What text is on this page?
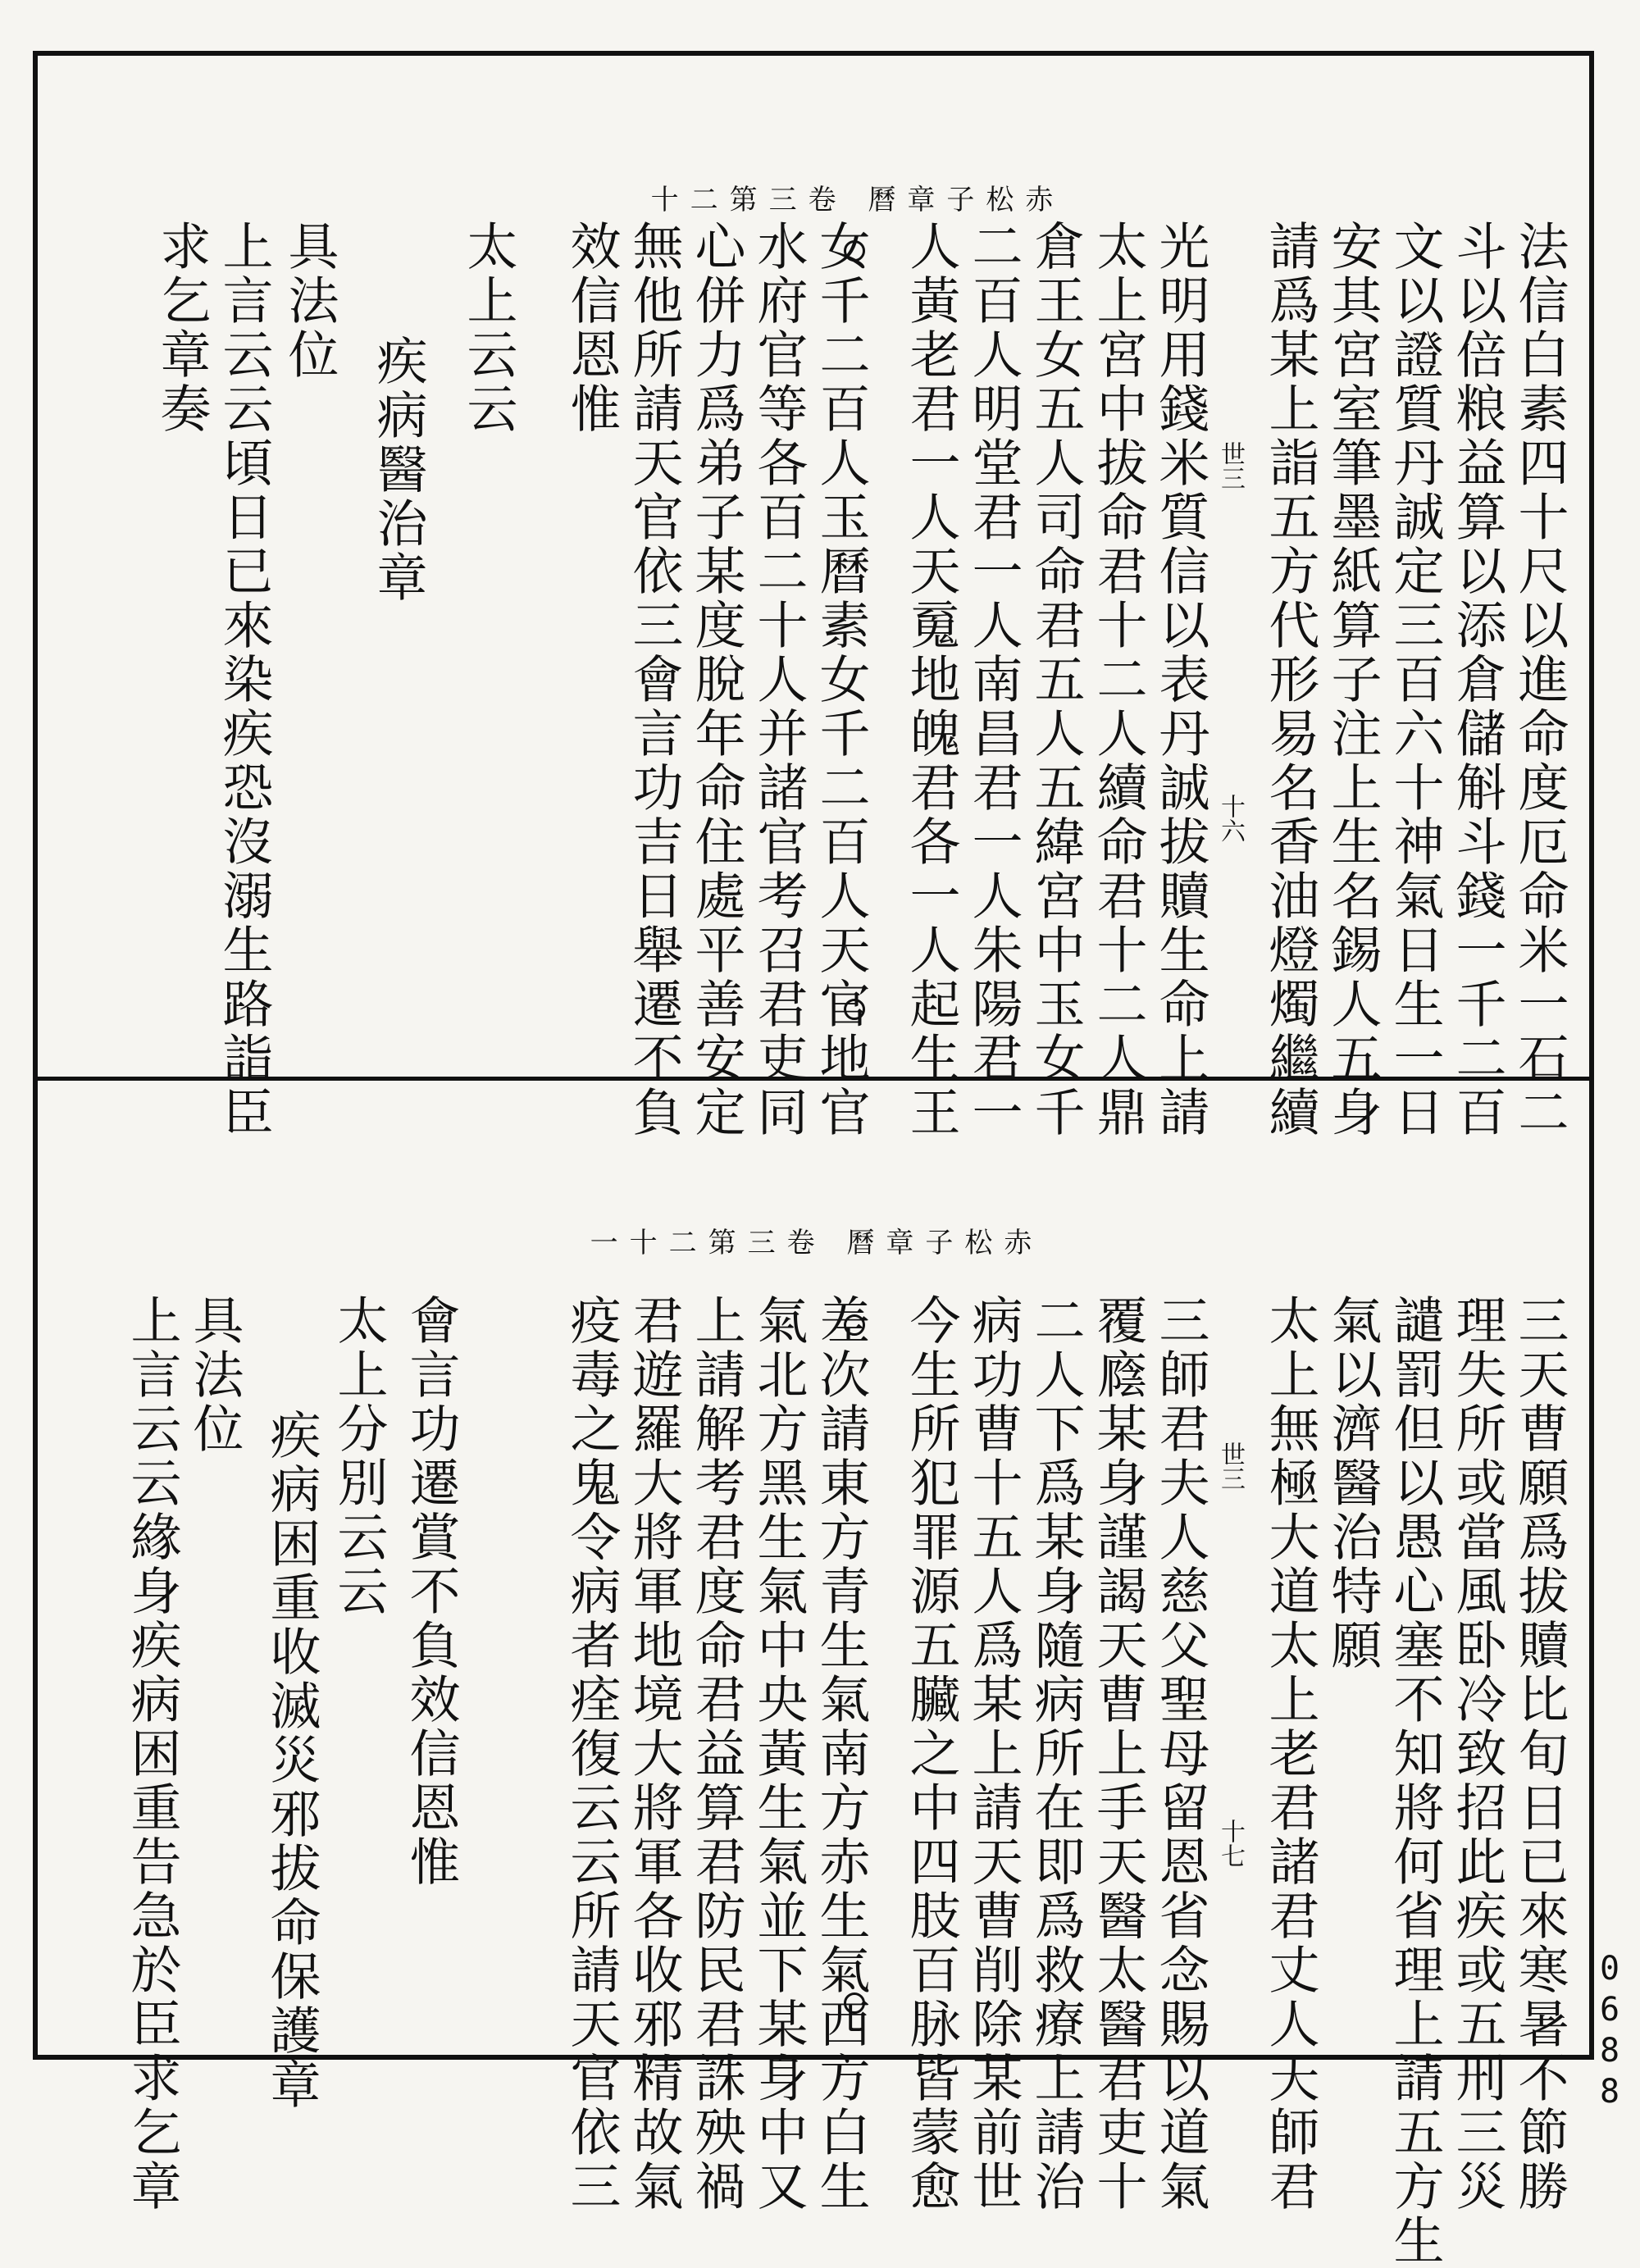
十二第三卷 曆章子松赤
法信白素四十尺以進命度厄命米一石二
斗以倍粮益算以添倉儲斛斗錢一千二百
文以證質丹誠定三百六十神氣日生一日
安其宮室筆墨紙算子注上生名錫人五身
請爲某上詣五方代形易名香油燈燭繼續
光明用錢米質信以表丹誠拔贖生命上請
太上宮中拔命君十二人續命君十二人鼎
倉王女五人司命君五人五緯宮中玉女千
二百人明堂君一人南昌君一人朱陽君一
人黃老君一人天䰟地魄君各一人起生王
女千二百人玉曆素女千二百人天官地官
水府官等各百二十人并諸官考召君吏同
心併力爲弟子某度脫年命住處平善安定
無他所請天官依三會言功吉日舉遷不負
效信恩惟
太上云云
疾病醫治章
具法位
上言云云頃日已來染疾恐沒溺生路詣臣
求乞章奏
十六
世三
一十二第三卷 曆章子松赤
三天曹願爲拔贖比旬日已來寒暑不節勝
理失所或當風卧冷致招此疾或五刑三災
譴罰但以愚心塞不知將何省理上請五方生
氣以濟醫治特願
太上無極大道太上老君諸君丈人天師君
三師君夫人慈父聖母留恩省念賜以道氣
覆廕某身謹謁天曹上手天醫太醫君吏十
二人下爲某身隨病所在即爲救療上請治
病功曹十五人爲某上請天曹削除某前世
今生所犯罪源五臟之中四肢百脉皆蒙愈
差次請東方青生氣南方赤生氣西方白生
氣北方黑生氣中央黃生氣並下某身中又
上請解考君度命君益算君防民君誅殃禍
君遊羅大將軍地境大將軍各收邪精故氣
疫毒之鬼令病者痊復云云所請天官依三
會言功遷賞不負效信恩惟
太上分別云云
疾病困重收滅災邪拔命保護章
具法位
上言云云緣身疾病困重告急於臣求乞章	十七
世三
0688
